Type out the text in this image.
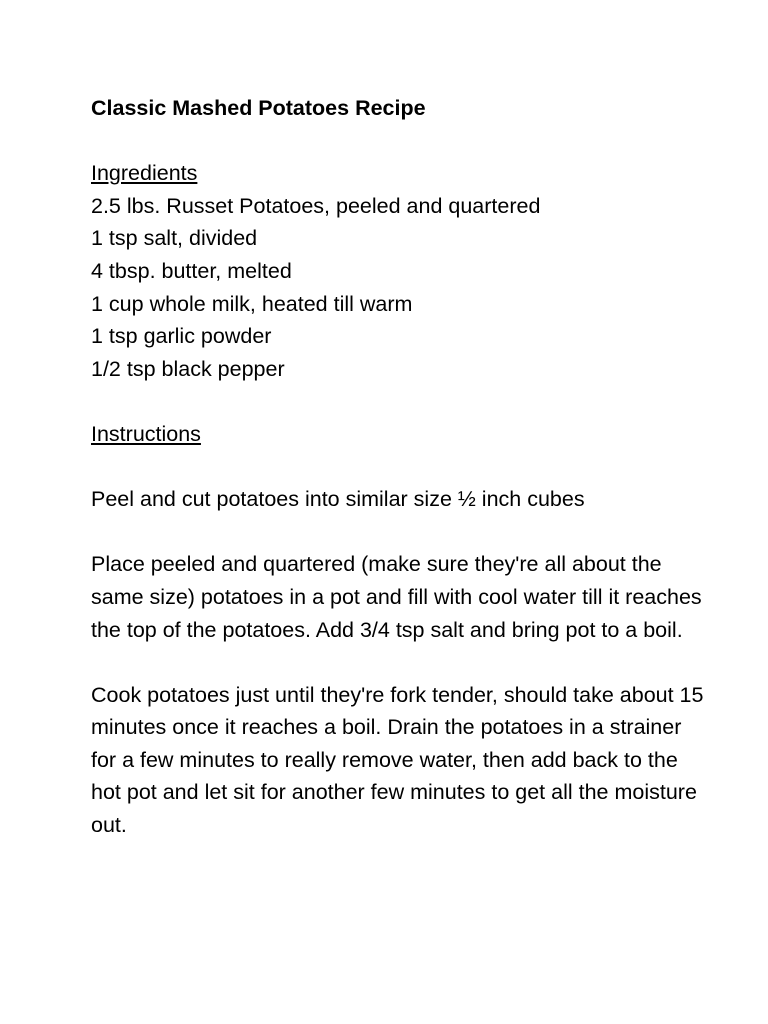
Classic Mashed Potatoes Recipe

Ingredients

2.5 lbs. Russet Potatoes, peeled and quartered
1 tsp salt, divided
4 tbsp. butter, melted
1 cup whole milk, heated till warm
1 tsp garlic powder
1/2 tsp black pepper

Instructions

Peel and cut potatoes into similar size ½ inch cubes

Place peeled and quartered (make sure they're all about the same size) potatoes in a pot and fill with cool water till it reaches the top of the potatoes. Add 3/4 tsp salt and bring pot to a boil.

Cook potatoes just until they're fork tender, should take about 15 minutes once it reaches a boil. Drain the potatoes in a strainer for a few minutes to really remove water, then add back to the hot pot and let sit for another few minutes to get all the moisture out.
